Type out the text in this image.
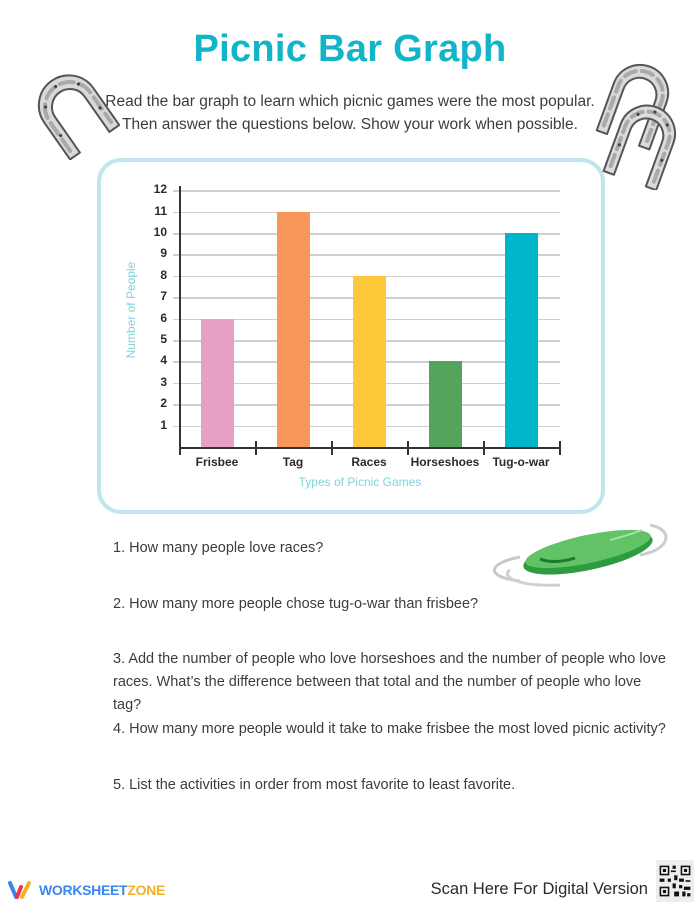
Picnic Bar Graph
Read the bar graph to learn which picnic games were the most popular.
Then answer the questions below. Show your work when possible.
1
2
3
4
5
6
7
8
9
10
11
12
Frisbee	Tag	Races	Horseshoes	Tug-o-war
Number of People
Types of Picnic Games
1. How many people love races?
2. How many more people chose tug-o-war than frisbee?
3. Add the number of people who love horseshoes and the number of people who love races. What’s the difference between that total and the number of people who love tag?
4. How many more people would it take to make frisbee the most loved picnic activity?
5. List the activities in order from most favorite to least favorite.
WORKSHEETZONE	Scan Here For Digital Version
